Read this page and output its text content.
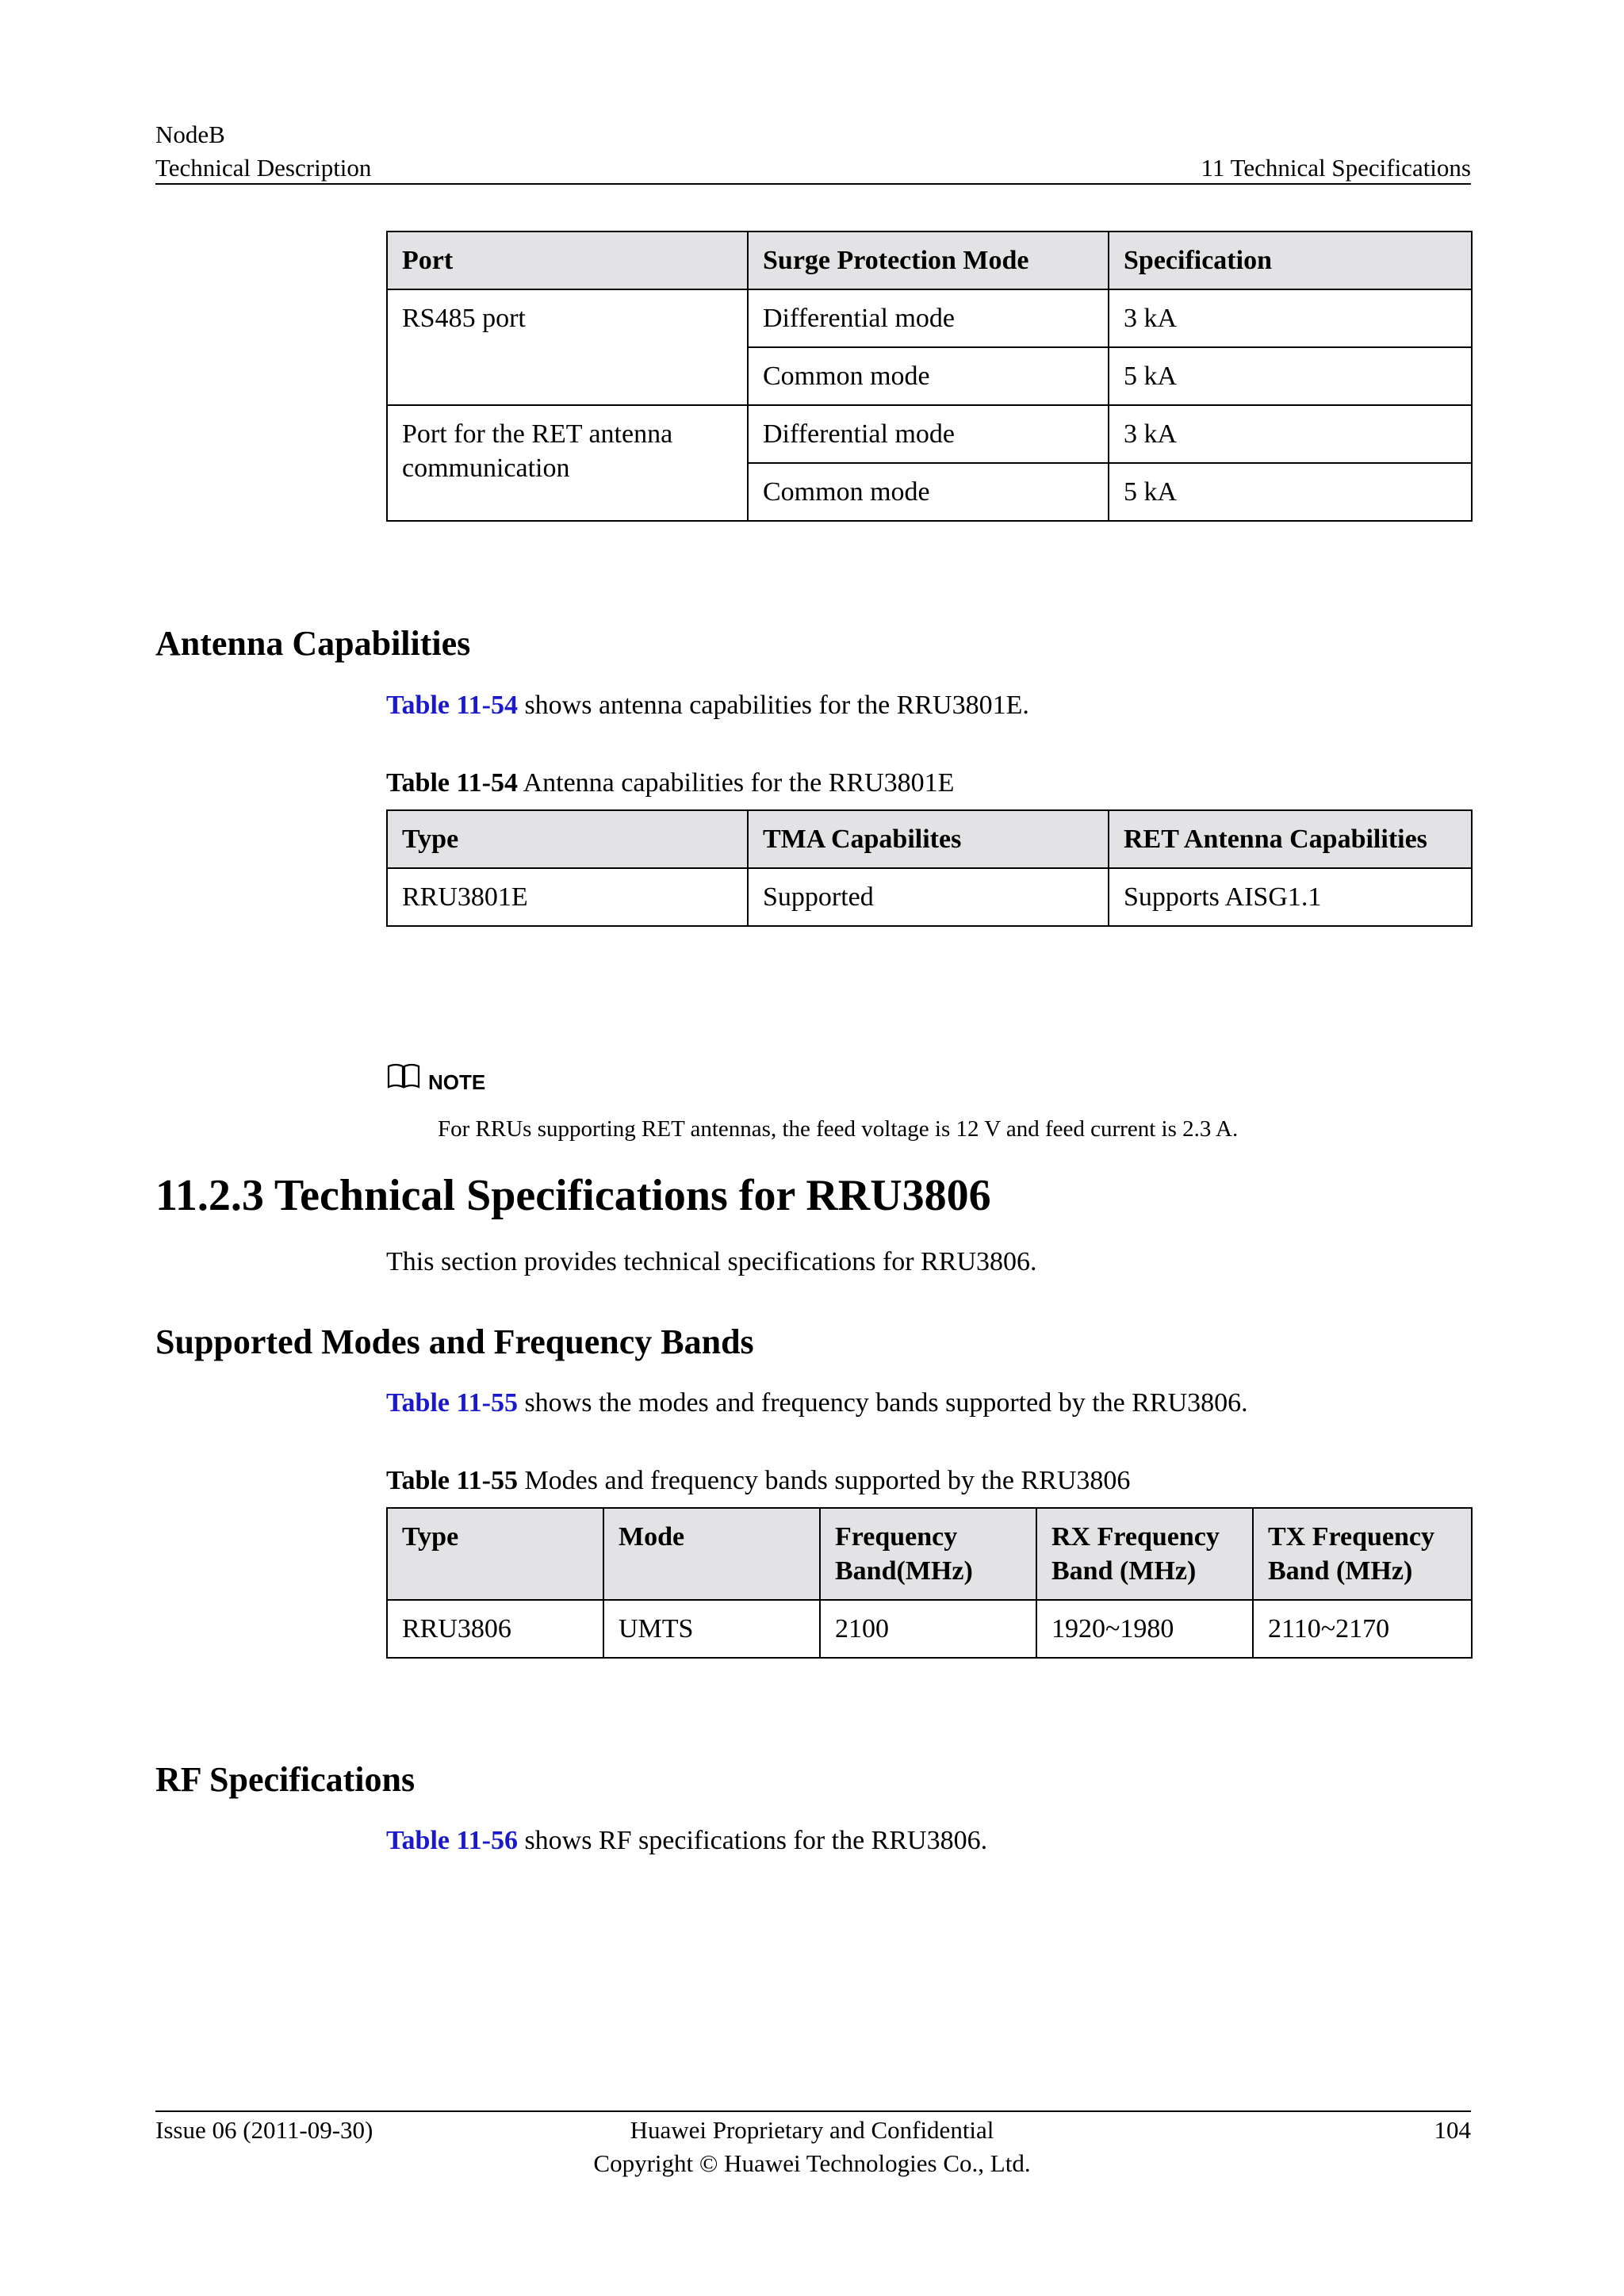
NodeB
Technical Description	11 Technical Specifications
Port	Surge Protection Mode	Specification
RS485 port	Differential mode	3 kA
	Common mode	5 kA
Port for the RET antenna communication	Differential mode	3 kA
	Common mode	5 kA
Antenna Capabilities
Table 11-54 shows antenna capabilities for the RRU3801E.
Table 11-54 Antenna capabilities for the RRU3801E
Type	TMA Capabilites	RET Antenna Capabilities
RRU3801E	Supported	Supports AISG1.1
NOTE
For RRUs supporting RET antennas, the feed voltage is 12 V and feed current is 2.3 A.
11.2.3 Technical Specifications for RRU3806
This section provides technical specifications for RRU3806.
Supported Modes and Frequency Bands
Table 11-55 shows the modes and frequency bands supported by the RRU3806.
Table 11-55 Modes and frequency bands supported by the RRU3806
Type	Mode	Frequency Band(MHz)	RX Frequency Band (MHz)	TX Frequency Band (MHz)
RRU3806	UMTS	2100	1920~1980	2110~2170
RF Specifications
Table 11-56 shows RF specifications for the RRU3806.
Issue 06 (2011-09-30)	Huawei Proprietary and Confidential
Copyright © Huawei Technologies Co., Ltd.
104
